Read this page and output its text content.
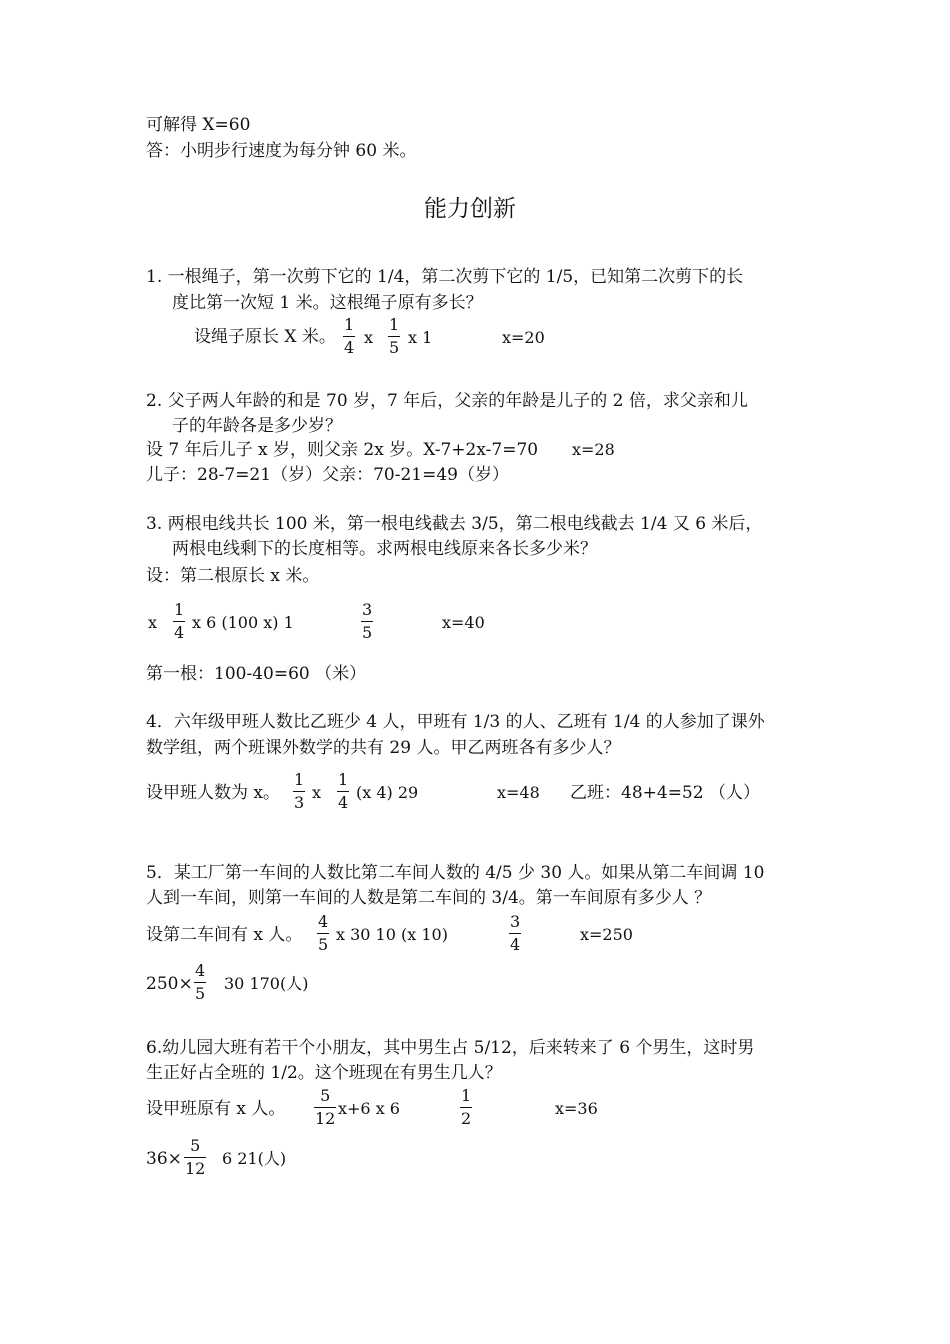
可解得 X=60
答：小明步行速度为每分钟 60 米。
能力创新
1. 一根绳子，第一次剪下它的 1/4，第二次剪下它的 1/5，已知第二次剪下的长
度比第一次短 1 米。这根绳子原有多长？
设绳子原长 X 米。
1
4
x
1
5
x 1	x=20
2. 父子两人年龄的和是 70 岁，7 年后，父亲的年龄是儿子的 2 倍，求父亲和儿
子的年龄各是多少岁？
设 7 年后儿子 x 岁，则父亲 2x 岁。X-7+2x-7=70 x=28
儿子：28-7=21（岁）父亲：70-21=49（岁）
3. 两根电线共长 100 米，第一根电线截去 3/5，第二根电线截去 1/4 又 6 米后，
两根电线剩下的长度相等。求两根电线原来各长多少米？
设：第二根原长 x 米。
x
1
4
x 6 (100 x) 1
3
5
x=40
第一根：100-40=60 （米）
4．六年级甲班人数比乙班少 4 人，甲班有 1/3 的人、乙班有 1/4 的人参加了课外
数学组，两个班课外数学的共有 29 人。甲乙两班各有多少人？
设甲班人数为 x。
1
3
x
1
4
(x 4) 29	x=48 乙班：48+4=52 （人）
5．某工厂第一车间的人数比第二车间人数的 4/5 少 30 人。如果从第二车间调 10
人到一车间，则第一车间的人数是第二车间的 3/4。第一车间原有多少人 ？
设第二车间有 x 人。
4
5
x 30 10 (x 10)
3
4
x=250
250×
4
5
30 170(人)
6.幼儿园大班有若干个小朋友，其中男生占 5/12，后来转来了 6 个男生，这时男
生正好占全班的 1/2。这个班现在有男生几人？
设甲班原有 x 人。
5
12
x+6 x 6
1
2
x=36
36×
5
12
6 21(人)
